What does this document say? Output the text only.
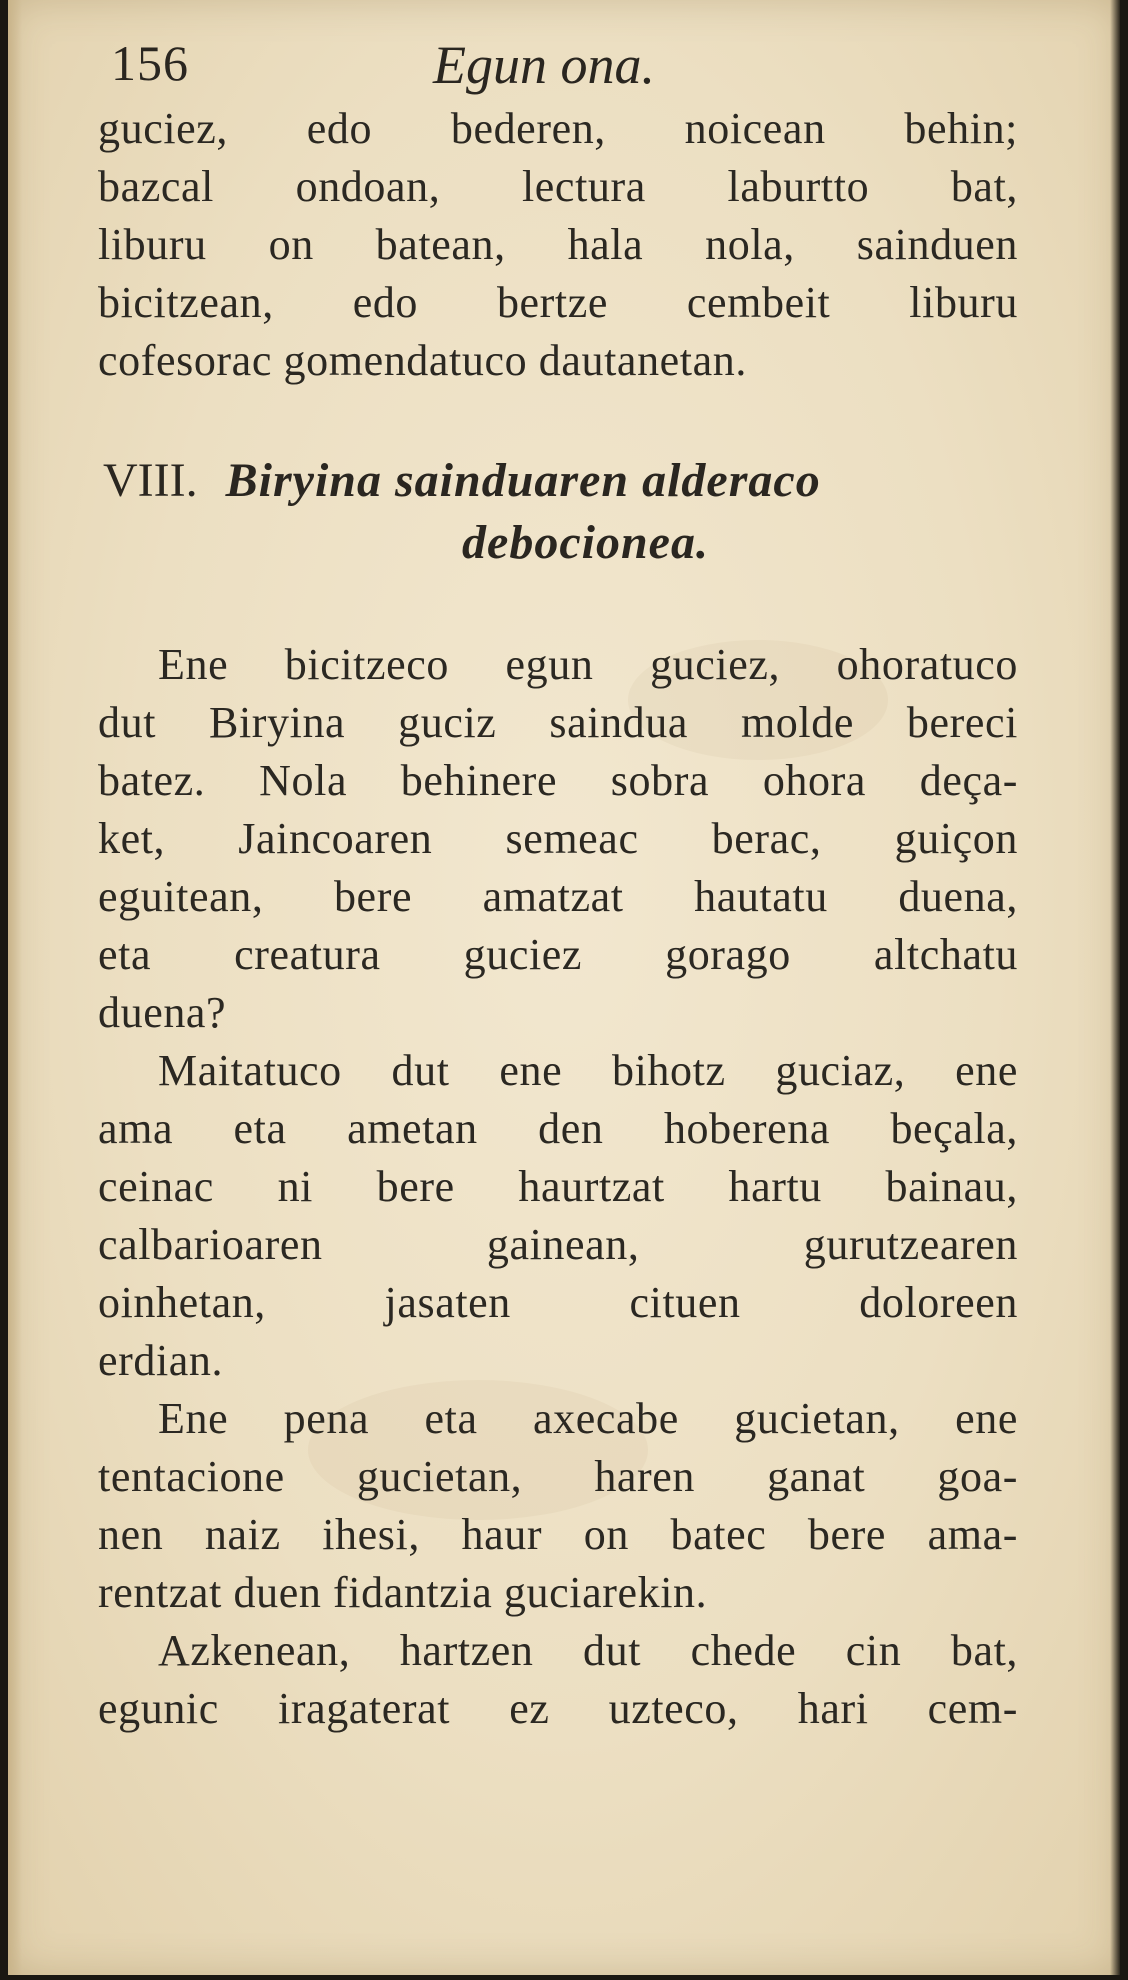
156	Egun ona.
guciez, edo bederen, noicean behin;
bazcal ondoan, lectura laburtto bat,
liburu on batean, hala nola, sainduen
bicitzean, edo bertze cembeit liburu
cofesorac gomendatuco dautanetan.
VIII. Biryina sainduaren alderaco
debocionea.
Ene bicitzeco egun guciez, ohoratuco
dut Biryina guciz saindua molde bereci
batez. Nola behinere sobra ohora deça-
ket, Jaincoaren semeac berac, guiçon
eguitean, bere amatzat hautatu duena,
eta creatura guciez gorago altchatu
duena?
Maitatuco dut ene bihotz guciaz, ene
ama eta ametan den hoberena beçala,
ceinac ni bere haurtzat hartu bainau,
calbarioaren gainean, gurutzearen
oinhetan, jasaten cituen doloreen
erdian.
Ene pena eta axecabe gucietan, ene
tentacione gucietan, haren ganat goa-
nen naiz ihesi, haur on batec bere ama-
rentzat duen fidantzia guciarekin.
Azkenean, hartzen dut chede cin bat,
egunic iragaterat ez uzteco, hari cem-
